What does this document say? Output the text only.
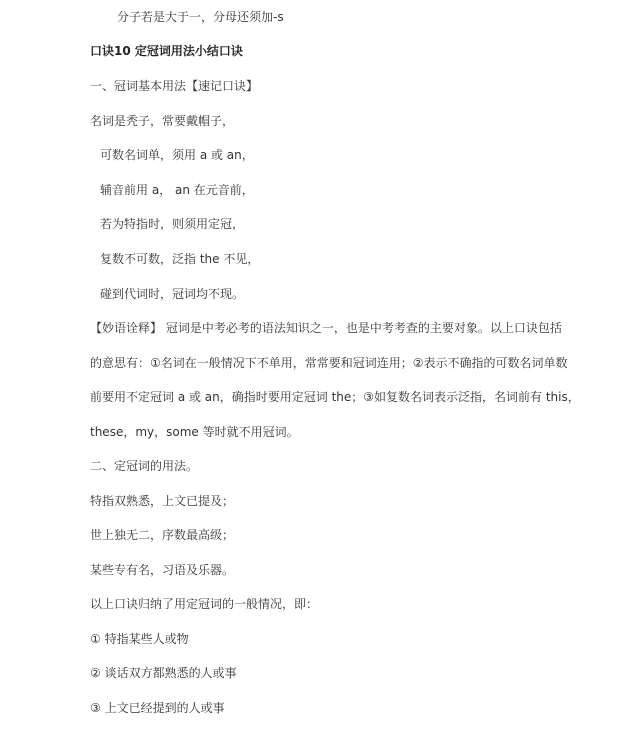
分子若是大于一，分母还须加-s
口诀10 定冠词用法小结口诀
一、冠词基本用法【速记口诀】
名词是秃子，常要戴帽子，
可数名词单，须用 a 或 an，
辅音前用 a， an 在元音前，
若为特指时，则须用定冠，
复数不可数，泛指 the 不见，
碰到代词时，冠词均不现。
【妙语诠释】 冠词是中考必考的语法知识之一，也是中考考查的主要对象。以上口诀包括
的意思有：①名词在一般情况下不单用，常常要和冠词连用；②表示不确指的可数名词单数
前要用不定冠词 a 或 an，确指时要用定冠词 the；③如复数名词表示泛指，名词前有 this，
these，my，some 等时就不用冠词。
二、定冠词的用法。
特指双熟悉，上文已提及；
世上独无二，序数最高级；
某些专有名，习语及乐器。
以上口诀归纳了用定冠词的一般情况，即：
① 特指某些人或物
② 谈话双方都熟悉的人或事
③ 上文已经提到的人或事
